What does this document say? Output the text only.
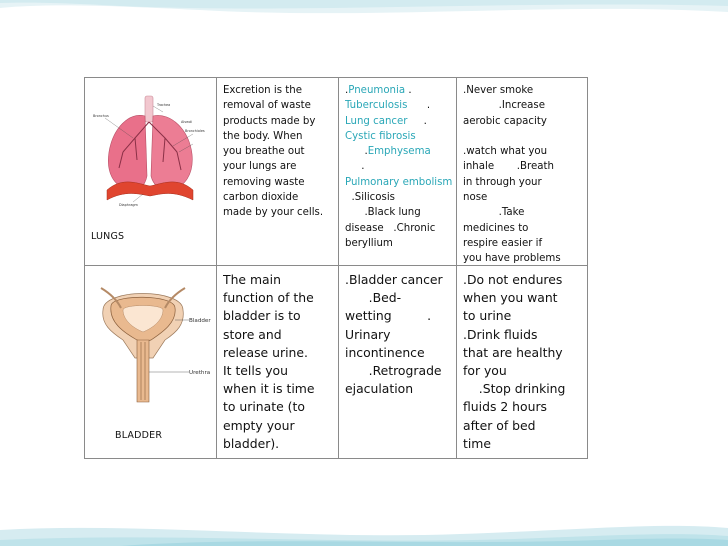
Trachea
Bronchus
Alveoli
Bronchioles
Diaphragm
LUNGS
Excretion is the
removal of waste
products made by
the body. When
you breathe out
your lungs are
removing waste
carbon dioxide
made by your cells.
.Pneumonia .
Tuberculosis      .
Lung cancer     .
Cystic fibrosis
.Emphysema
.
Pulmonary embolism
.Silicosis
.Black lung
disease   .Chronic
beryllium
.Never smoke
.Increase
aerobic capacity

.watch what you
inhale       .Breath
in through your
nose
.Take
medicines to
respire easier if
you have problems
Bladder
Urethra
BLADDER
The main
function of the
bladder is to
store and
release urine.
It tells you
when it is time
to urinate (to
empty your
bladder).
.Bladder cancer
.Bed-
wetting         .
Urinary
incontinence
.Retrograde
ejaculation
.Do not endures
when you want
to urine
.Drink fluids
that are healthy
for you
.Stop drinking
fluids 2 hours
after of bed
time
